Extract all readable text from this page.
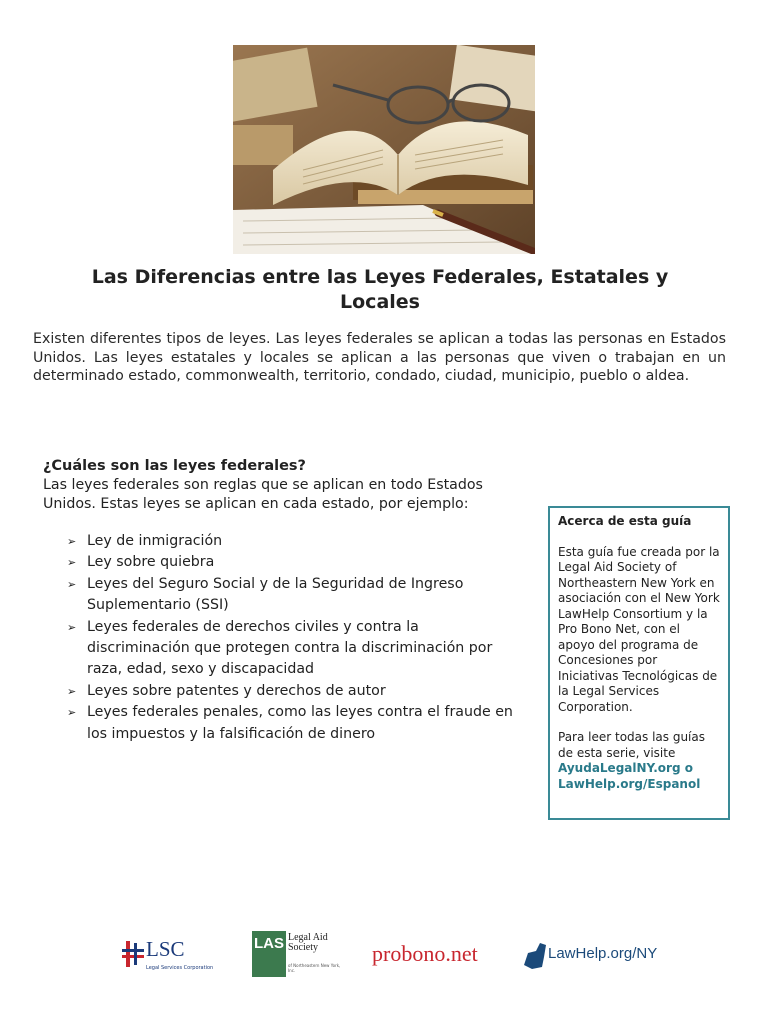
Las Diferencias entre las Leyes Federales, Estatales y Locales

Existen diferentes tipos de leyes. Las leyes federales se aplican a todas las personas en Estados Unidos. Las leyes estatales y locales se aplican a las personas que viven o trabajan en un determinado estado, commonwealth, territorio, condado, ciudad, municipio, pueblo o aldea.

¿Cuáles son las leyes federales?

Las leyes federales son reglas que se aplican en todo Estados Unidos. Estas leyes se aplican en cada estado, por ejemplo:

➢ Ley de inmigración
➢ Ley sobre quiebra
➢ Leyes del Seguro Social y de la Seguridad de Ingreso Suplementario (SSI)
➢ Leyes federales de derechos civiles y contra la discriminación que protegen contra la discriminación por raza, edad, sexo y discapacidad
➢ Leyes sobre patentes y derechos de autor
➢ Leyes federales penales, como las leyes contra el fraude en los impuestos y la falsificación de dinero

Acerca de esta guía

Esta guía fue creada por la Legal Aid Society of Northeastern New York en asociación con el New York LawHelp Consortium y la Pro Bono Net, con el apoyo del programa de Concesiones por Iniciativas Tecnológicas de la Legal Services Corporation.

Para leer todas las guías de esta serie, visite
AyudaLegalNY.org o
LawHelp.org/Espanol

LSC
Legal Services Corporation
LAS Legal Aid
Society
of Northeastern New York, Inc.
probono.net	LawHelp.org/NY
